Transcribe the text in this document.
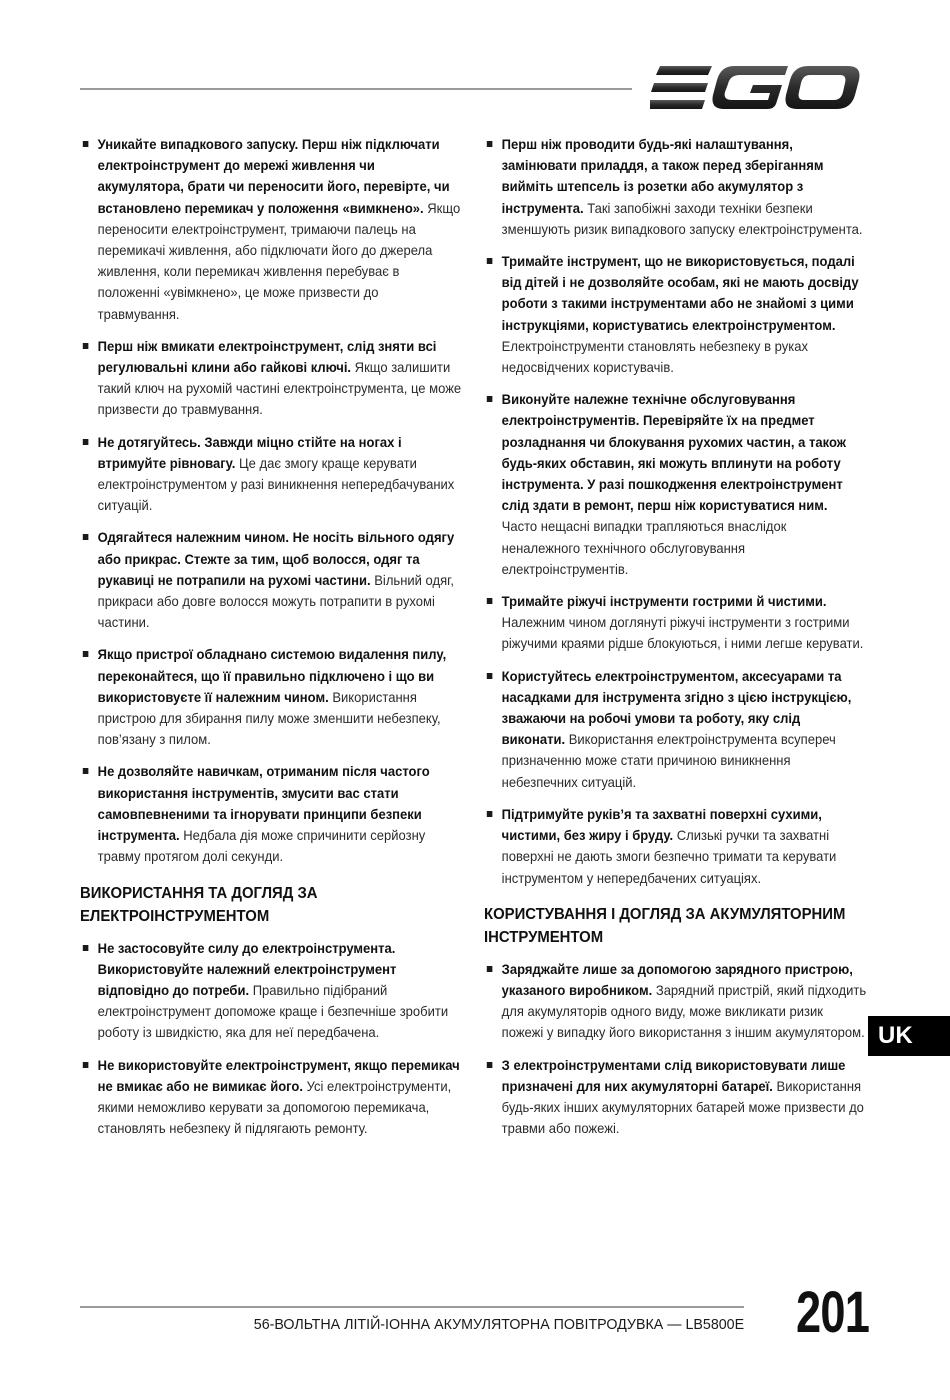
Уникайте випадкового запуску. Перш ніж підключати електроінструмент до мережі живлення чи акумулятора, брати чи переносити його, перевірте, чи встановлено перемикач у положення «вимкнено». Якщо переносити електроінструмент, тримаючи палець на перемикачі живлення, або підключати його до джерела живлення, коли перемикач живлення перебуває в положенні «увімкнено», це може призвести до травмування.
Перш ніж вмикати електроінструмент, слід зняти всі регулювальні клини або гайкові ключі. Якщо залишити такий ключ на рухомій частині електроінструмента, це може призвести до травмування.
Не дотягуйтесь. Завжди міцно стійте на ногах і втримуйте рівновагу. Це дає змогу краще керувати електроінструментом у разі виникнення непередбачуваних ситуацій.
Одягайтеся належним чином. Не носіть вільного одягу або прикрас. Стежте за тим, щоб волосся, одяг та рукавиці не потрапили на рухомі частини. Вільний одяг, прикраси або довге волосся можуть потрапити в рухомі частини.
Якщо пристрої обладнано системою видалення пилу, переконайтеся, що її правильно підключено і що ви використовуєте її належним чином. Використання пристрою для збирання пилу може зменшити небезпеку, пов’язану з пилом.
Не дозволяйте навичкам, отриманим після частого використання інструментів, змусити вас стати самовпевненими та ігнорувати принципи безпеки інструмента. Недбала дія може спричинити серйозну травму протягом долі секунди.
ВИКОРИСТАННЯ ТА ДОГЛЯД ЗА ЕЛЕКТРОІНСТРУМЕНТОМ
Не застосовуйте силу до електроінструмента. Використовуйте належний електроінструмент відповідно до потреби. Правильно підібраний електроінструмент допоможе краще і безпечніше зробити роботу із швидкістю, яка для неї передбачена.
Не використовуйте електроінструмент, якщо перемикач не вмикає або не вимикає його. Усі електроінструменти, якими неможливо керувати за допомогою перемикача, становлять небезпеку й підлягають ремонту.
Перш ніж проводити будь-які налаштування, замінювати приладдя, а також перед зберіганням вийміть штепсель із розетки або акумулятор з інструмента. Такі запобіжні заходи техніки безпеки зменшують ризик випадкового запуску електроінструмента.
Тримайте інструмент, що не використовується, подалі від дітей і не дозволяйте особам, які не мають досвіду роботи з такими інструментами або не знайомі з цими інструкціями, користуватись електроінструментом. Електроінструменти становлять небезпеку в руках недосвідчених користувачів.
Виконуйте належне технічне обслуговування електроінструментів. Перевіряйте їх на предмет розладнання чи блокування рухомих частин, а також будь-яких обставин, які можуть вплинути на роботу інструмента. У разі пошкодження електроінструмент слід здати в ремонт, перш ніж користуватися ним. Часто нещасні випадки трапляються внаслідок неналежного технічного обслуговування електроінструментів.
Тримайте ріжучі інструменти гострими й чистими. Належним чином доглянуті ріжучі інструменти з гострими ріжучими краями рідше блокуються, і ними легше керувати.
Користуйтесь електроінструментом, аксесуарами та насадками для інструмента згідно з цією інструкцією, зважаючи на робочі умови та роботу, яку слід виконати. Використання електроінструмента всупереч призначенню може стати причиною виникнення небезпечних ситуацій.
Підтримуйте руків’я та захватні поверхні сухими, чистими, без жиру і бруду. Слизькі ручки та захватні поверхні не дають змоги безпечно тримати та керувати інструментом у непередбачених ситуаціях.
КОРИСТУВАННЯ І ДОГЛЯД ЗА АКУМУЛЯТОРНИМ ІНСТРУМЕНТОМ
Заряджайте лише за допомогою зарядного пристрою, указаного виробником. Зарядний пристрій, який підходить для акумуляторів одного виду, може викликати ризик пожежі у випадку його використання з іншим акумулятором.
З електроінструментами слід використовувати лише призначені для них акумуляторні батареї. Використання будь-яких інших акумуляторних батарей може призвести до травми або пожежі.
UK
56-ВОЛЬТНА ЛІТІЙ-ІОННА АКУМУЛЯТОРНА ПОВІТРОДУВКА — LB5800E 201
